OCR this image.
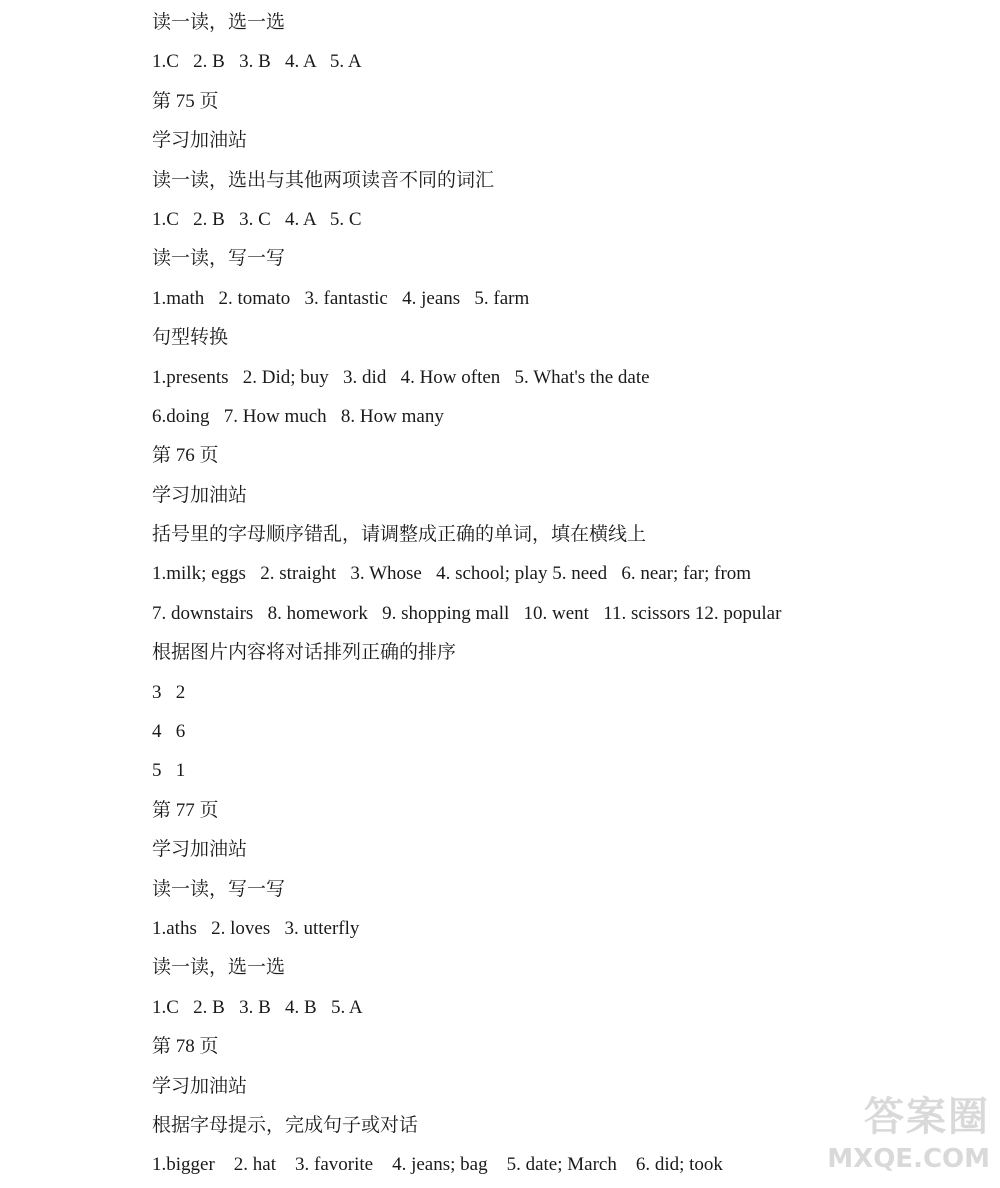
读一读，选一选
1.C   2. B   3. B   4. A   5. A
第 75 页
学习加油站
读一读，选出与其他两项读音不同的词汇
1.C   2. B   3. C   4. A   5. C
读一读，写一写
1.math   2. tomato   3. fantastic   4. jeans   5. farm
句型转换
1.presents   2. Did; buy   3. did   4. How often   5. What's the date
6.doing   7. How much   8. How many
第 76 页
学习加油站
括号里的字母顺序错乱，请调整成正确的单词，填在横线上
1.milk; eggs   2. straight   3. Whose   4. school; play 5. need   6. near; far; from
7. downstairs   8. homework   9. shopping mall   10. went   11. scissors 12. popular
根据图片内容将对话排列正确的排序
3   2
4   6
5   1
第 77 页
学习加油站
读一读，写一写
1.aths   2. loves   3. utterfly
读一读，选一选
1.C   2. B   3. B   4. B   5. A
第 78 页
学习加油站
根据字母提示，完成句子或对话
1.bigger    2. hat    3. favorite    4. jeans; bag    5. date; March    6. did; took
答案圈
MXQE.COM
